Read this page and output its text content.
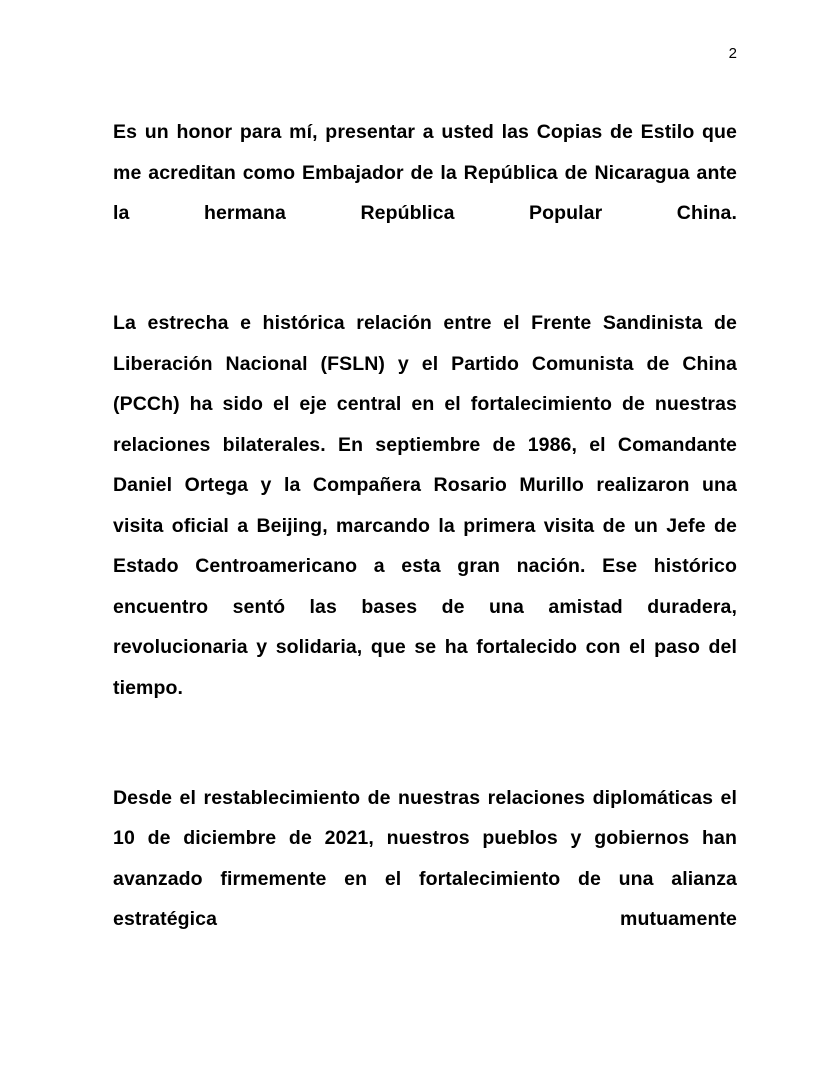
2

Es un honor para mí, presentar a usted las Copias de Estilo que me acreditan como Embajador de la República de Nicaragua ante la hermana República Popular China.

La estrecha e histórica relación entre el Frente Sandinista de Liberación Nacional (FSLN) y el Partido Comunista de China (PCCh) ha sido el eje central en el fortalecimiento de nuestras relaciones bilaterales. En septiembre de 1986, el Comandante Daniel Ortega y la Compañera Rosario Murillo realizaron una visita oficial a Beijing, marcando la primera visita de un Jefe de Estado Centroamericano a esta gran nación. Ese histórico encuentro sentó las bases de una amistad duradera, revolucionaria y solidaria, que se ha fortalecido con el paso del tiempo.

Desde el restablecimiento de nuestras relaciones diplomáticas el 10 de diciembre de 2021, nuestros pueblos y gobiernos han avanzado firmemente en el fortalecimiento de una alianza estratégica mutuamente
